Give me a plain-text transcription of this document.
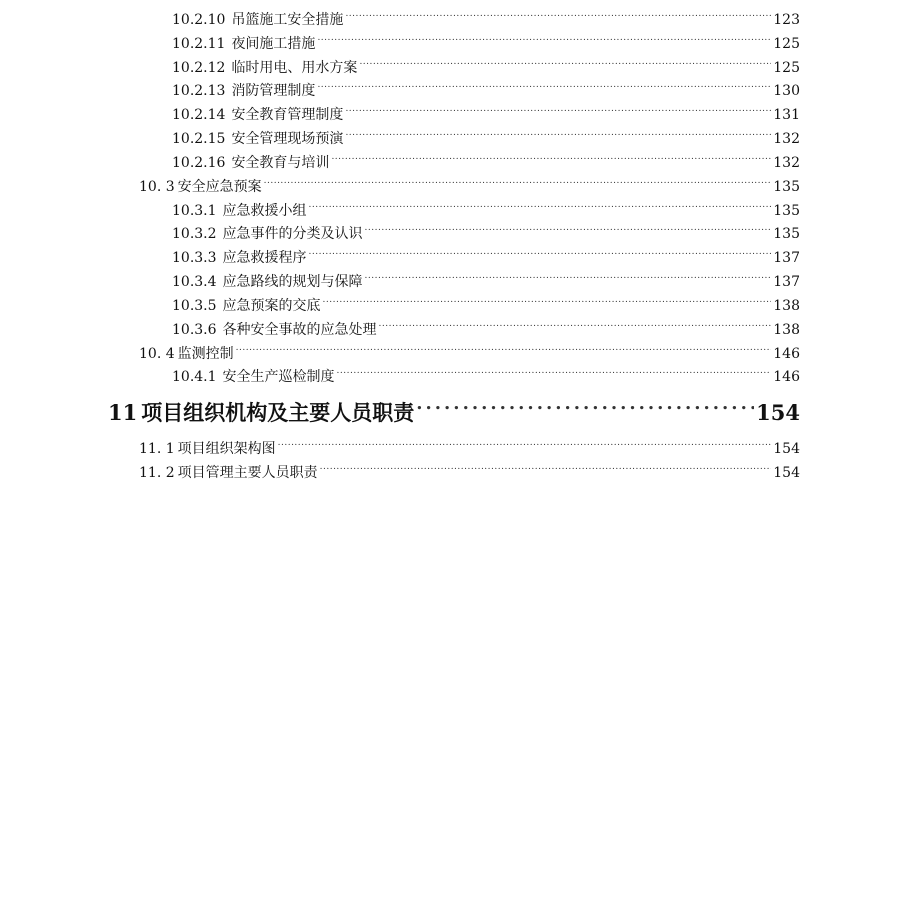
10.2.10 吊篮施工安全措施 .....	123
10.2.11 夜间施工措施 .....	125
10.2.12 临时用电、用水方案 .....	125
10.2.13 消防管理制度 .....	130
10.2.14 安全教育管理制度 .....	131
10.2.15 安全管理现场预演 .....	132
10.2.16 安全教育与培训 .....	132
10. 3 安全应急预案 .....	135
10.3.1 应急救援小组 .....	135
10.3.2 应急事件的分类及认识 .....	135
10.3.3 应急救援程序 .....	137
10.3.4 应急路线的规划与保障 .....	137
10.3.5 应急预案的交底 .....	138
10.3.6 各种安全事故的应急处理 .....	138
10. 4 监测控制 .....	146
10.4.1 安全生产巡检制度 .....	146
11 项目组织机构及主要人员职责 .....	154
11. 1 项目组织架构图 .....	154
11. 2 项目管理主要人员职责 .....	154
